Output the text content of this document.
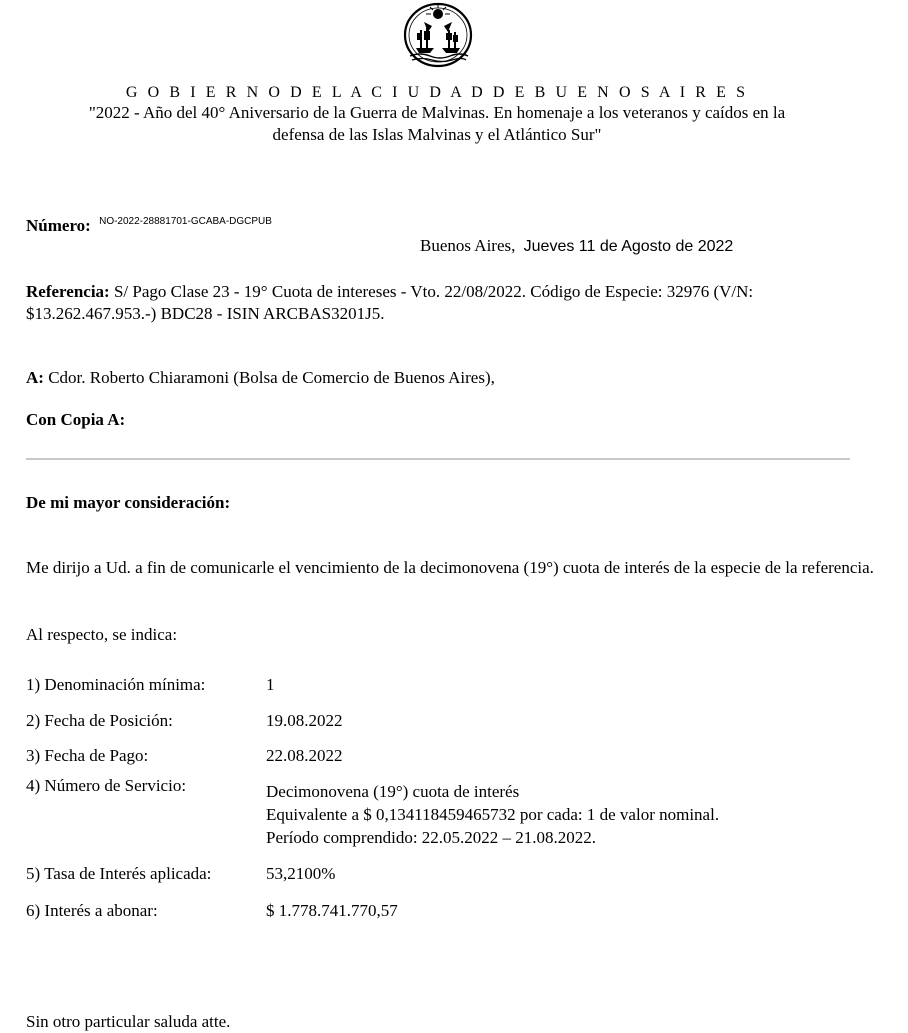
G O B I E R N O D E L A C I U D A D D E B U E N O S A I R E S
"2022 - Año del 40° Aniversario de la Guerra de Malvinas. En homenaje a los veteranos y caídos en la
defensa de las Islas Malvinas y el Atlántico Sur"
Número: $^{NO-2022-28881701-GCABA-DGCPUB}$
Buenos Aires, Jueves 11 de Agosto de 2022
Referencia: S/ Pago Clase 23 - 19° Cuota de intereses - Vto. 22/08/2022. Código de Especie: 32976 (V/N:
$13.262.467.953.-) BDC28 - ISIN ARCBAS3201J5.
A: Cdor. Roberto Chiaramoni (Bolsa de Comercio de Buenos Aires),
Con Copia A:
De mi mayor consideración:
Me dirijo a Ud. a fin de comunicarle el vencimiento de la decimonovena (19°) cuota de interés de la especie de la referencia.
Al respecto, se indica:
1) Denominación mínima:	1
2) Fecha de Posición:	19.08.2022
3) Fecha de Pago:	22.08.2022
4) Número de Servicio:	Decimonovena (19°) cuota de interés
Equivalente a $ 0,134118459465732 por cada: 1 de valor nominal.
Período comprendido: 22.05.2022 – 21.08.2022.
5) Tasa de Interés aplicada:	53,2100%
6) Interés a abonar:	$ 1.778.741.770,57
Sin otro particular saluda atte.
